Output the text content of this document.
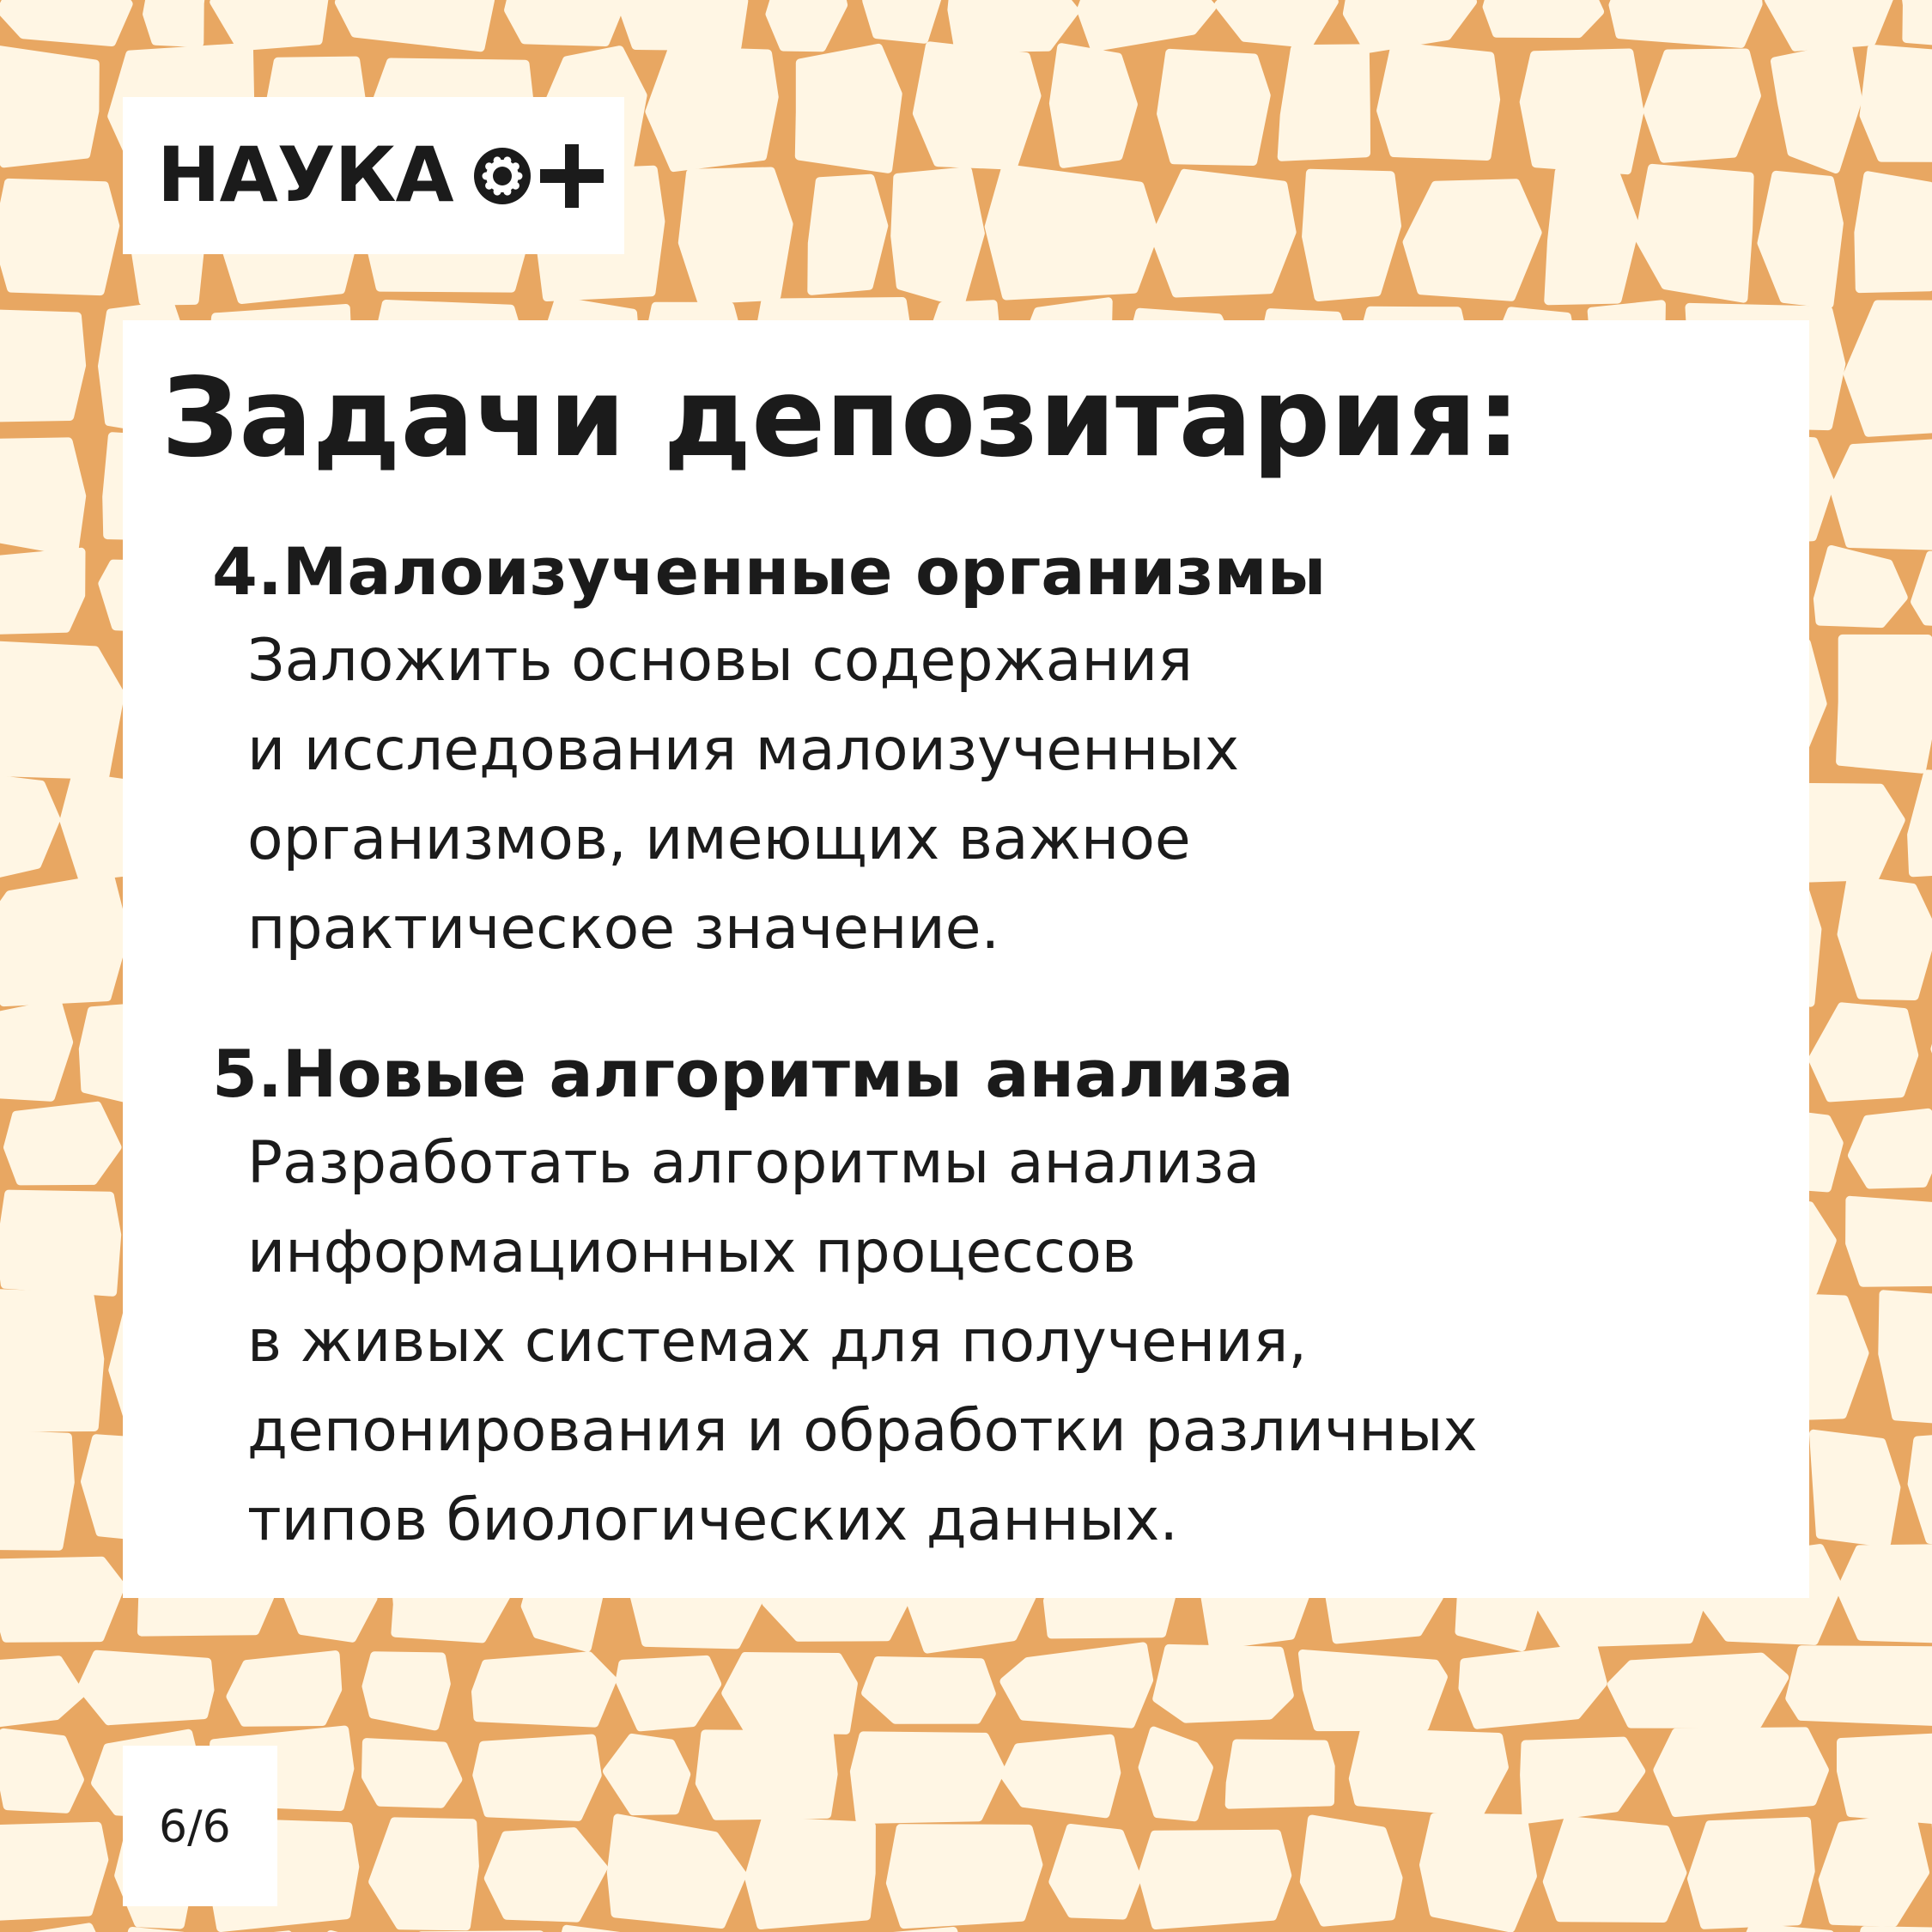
НАУКА
Задачи депозитария:
4.Малоизученные организмы

Заложить основы содержания
и исследования малоизученных
организмов, имеющих важное
практическое значение.

5.Новые алгоритмы анализа

Разработать алгоритмы анализа
информационных процессов
в живых системах для получения,
депонирования и обработки различных
типов биологических данных.

6/6
